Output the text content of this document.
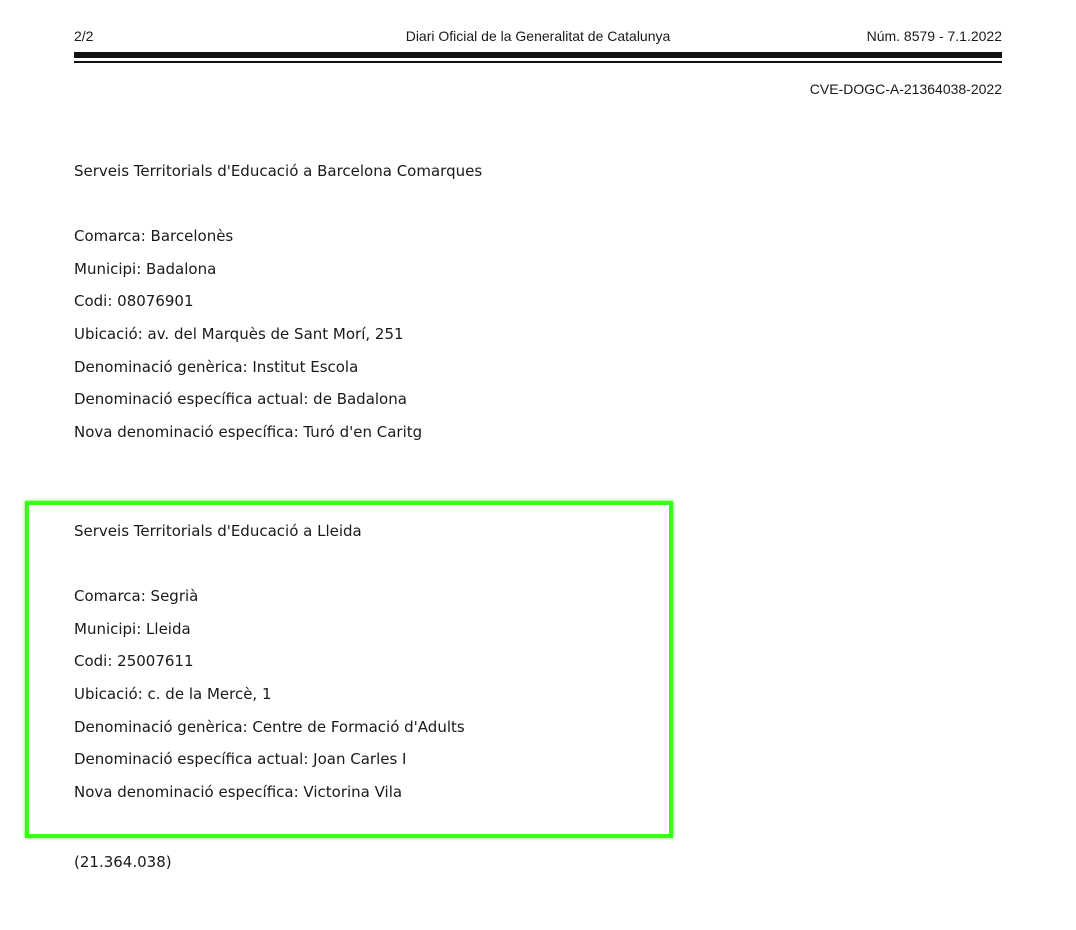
2/2	Diari Oficial de la Generalitat de Catalunya	Núm. 8579 - 7.1.2022
CVE-DOGC-A-21364038-2022
Serveis Territorials d'Educació a Barcelona Comarques
Comarca: Barcelonès
Municipi: Badalona
Codi: 08076901
Ubicació: av. del Marquès de Sant Morí, 251
Denominació genèrica: Institut Escola
Denominació específica actual: de Badalona
Nova denominació específica: Turó d'en Caritg
Serveis Territorials d'Educació a Lleida
Comarca: Segrià
Municipi: Lleida
Codi: 25007611
Ubicació: c. de la Mercè, 1
Denominació genèrica: Centre de Formació d'Adults
Denominació específica actual: Joan Carles I
Nova denominació específica: Victorina Vila
(21.364.038)
